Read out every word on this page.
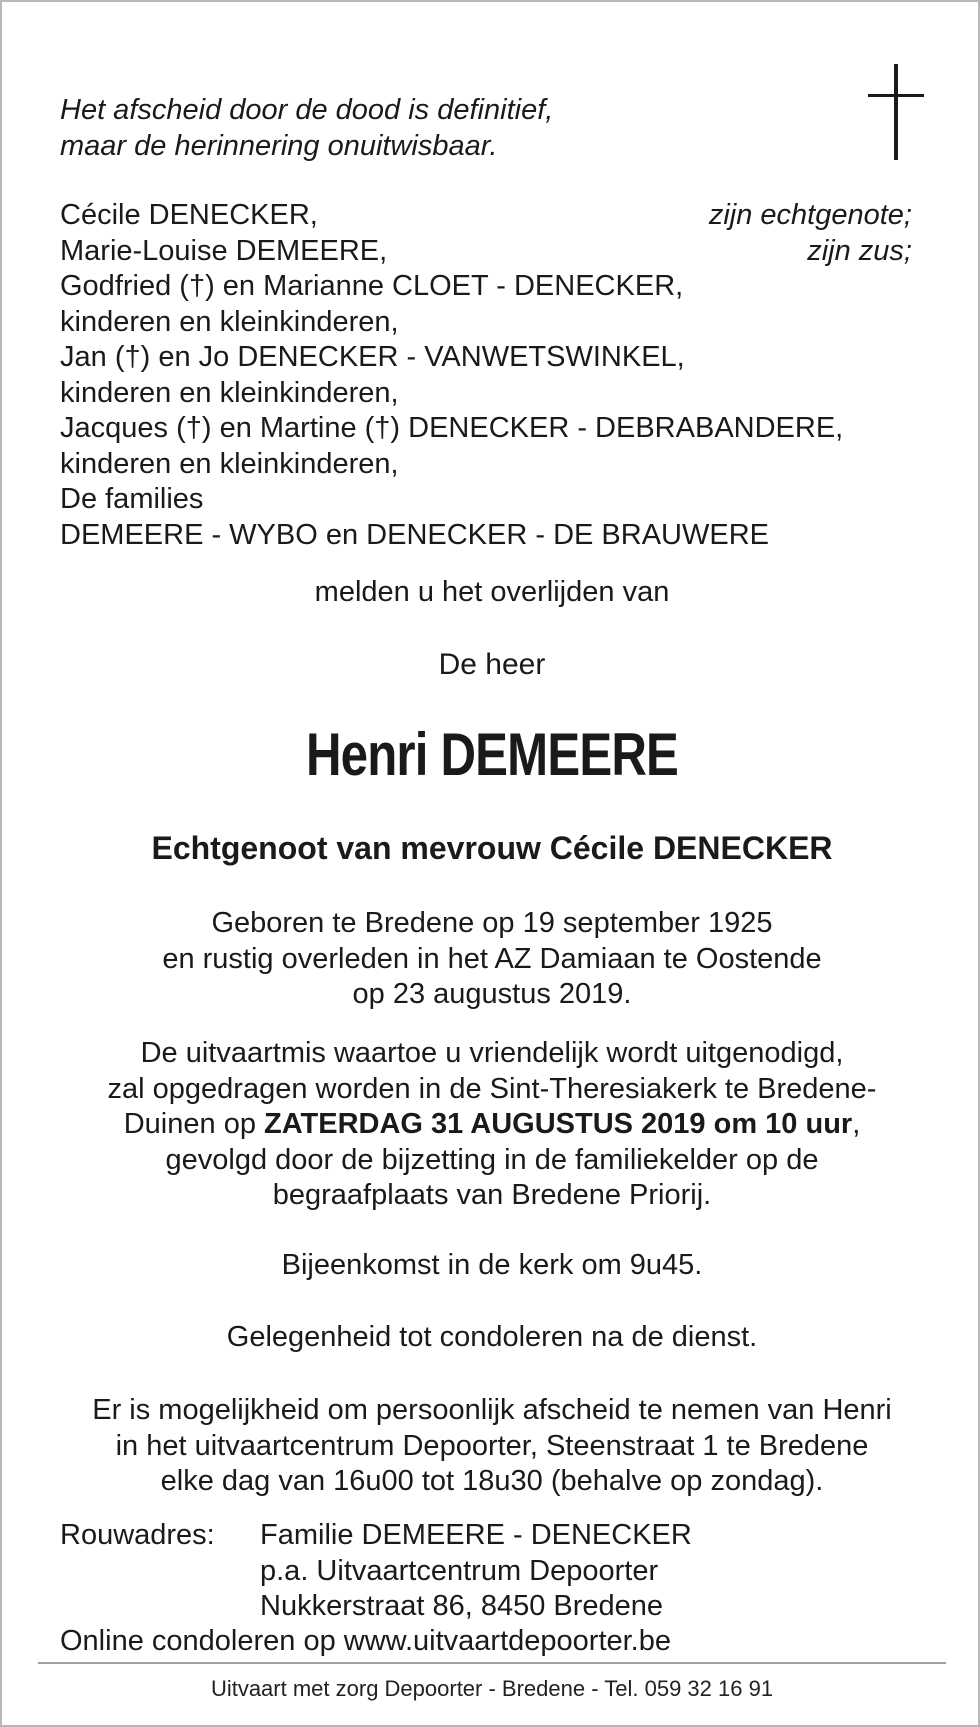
Het afscheid door de dood is definitief,
maar de herinnering onuitwisbaar.
Cécile DENECKER,	zijn echtgenote;
Marie-Louise DEMEERE,	zijn zus;
Godfried (†) en Marianne CLOET - DENECKER,
kinderen en kleinkinderen,
Jan (†) en Jo DENECKER - VANWETSWINKEL,
kinderen en kleinkinderen,
Jacques (†) en Martine (†) DENECKER - DEBRABANDERE,
kinderen en kleinkinderen,
De families
DEMEERE - WYBO en DENECKER - DE BRAUWERE
melden u het overlijden van
De heer
Henri DEMEERE
Echtgenoot van mevrouw Cécile DENECKER
Geboren te Bredene op 19 september 1925
en rustig overleden in het AZ Damiaan te Oostende
op 23 augustus 2019.
De uitvaartmis waartoe u vriendelijk wordt uitgenodigd,
zal opgedragen worden in de Sint-Theresiakerk te Bredene-
Duinen op ZATERDAG 31 AUGUSTUS 2019 om 10 uur,
gevolgd door de bijzetting in de familiekelder op de
begraafplaats van Bredene Priorij.
Bijeenkomst in de kerk om 9u45.
Gelegenheid tot condoleren na de dienst.
Er is mogelijkheid om persoonlijk afscheid te nemen van Henri
in het uitvaartcentrum Depoorter, Steenstraat 1 te Bredene
elke dag van 16u00 tot 18u30 (behalve op zondag).
Rouwadres: Familie DEMEERE - DENECKER
p.a. Uitvaartcentrum Depoorter
Nukkerstraat 86, 8450 Bredene
Online condoleren op www.uitvaartdepoorter.be
Uitvaart met zorg Depoorter - Bredene - Tel. 059 32 16 91
